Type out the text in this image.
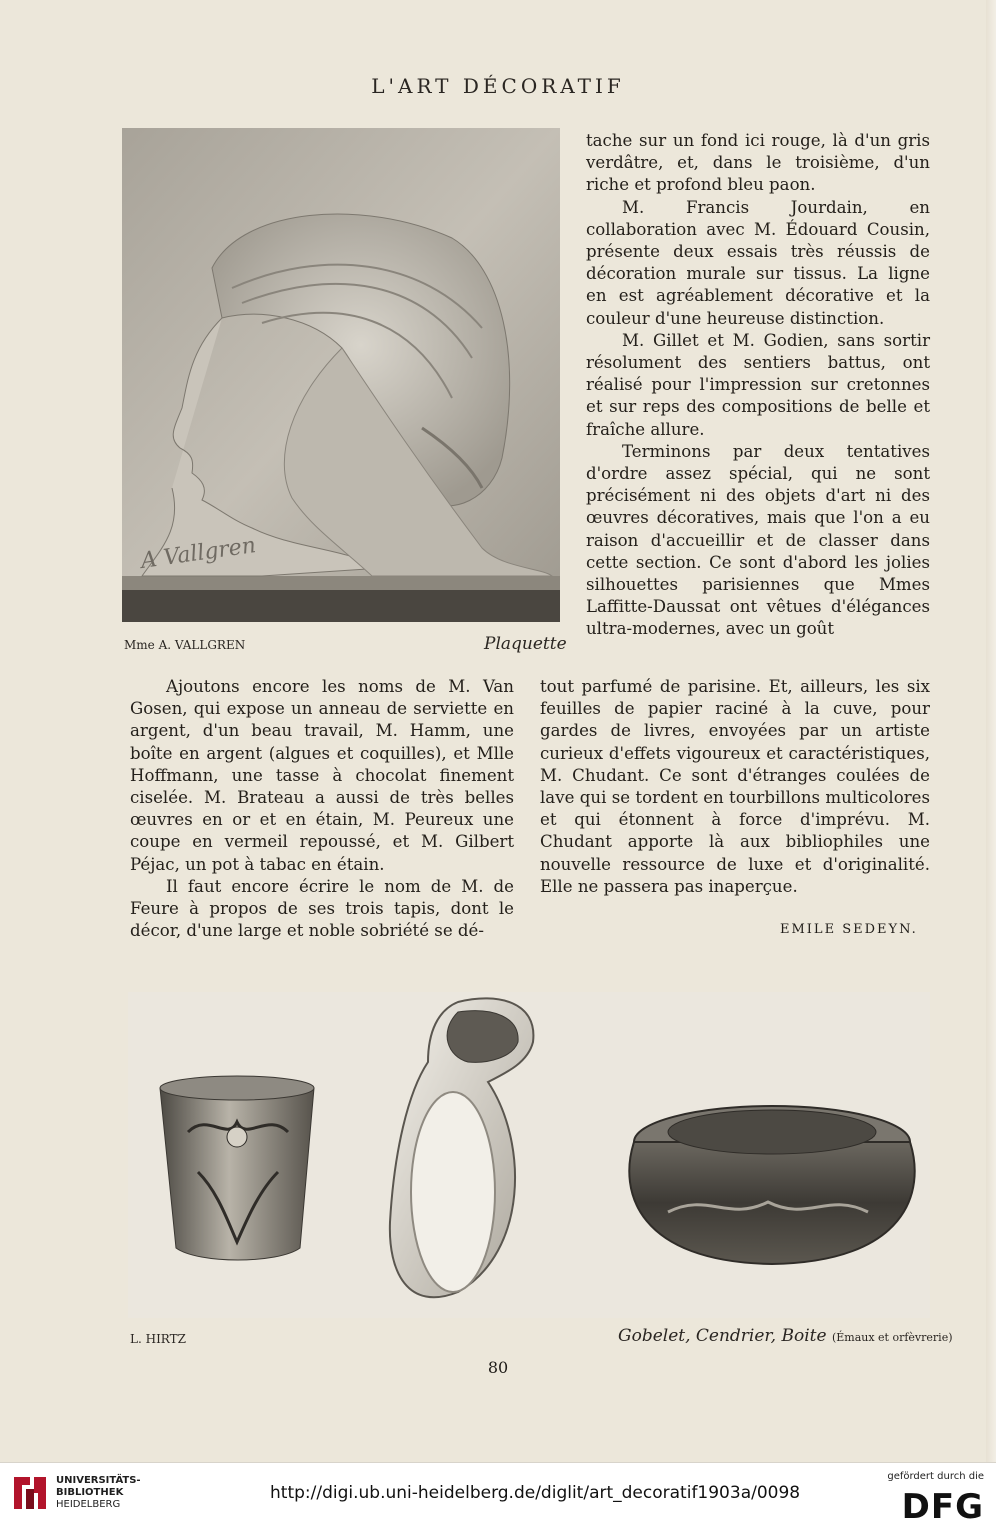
L'ART DÉCORATIF
A Vallgren
Mme A. VALLGREN	Plaquette

tache sur un fond ici rouge, là d'un gris verdâtre, et, dans le troisième, d'un riche et profond bleu paon.

M. Francis Jourdain, en collaboration avec M. Édouard Cousin, présente deux essais très réussis de décoration murale sur tissus. La ligne en est agréablement décorative et la couleur d'une heureuse distinction.

M. Gillet et M. Godien, sans sortir résolument des sentiers battus, ont réalisé pour l'impression sur cretonnes et sur reps des compositions de belle et fraîche allure.

Terminons par deux tentatives d'ordre assez spécial, qui ne sont précisément ni des objets d'art ni des œuvres décoratives, mais que l'on a eu raison d'accueillir et de classer dans cette section. Ce sont d'abord les jolies silhouettes parisiennes que Mmes Laffitte-Daussat ont vêtues d'élégances ultra-modernes, avec un goût

Ajoutons encore les noms de M. Van Gosen, qui expose un anneau de serviette en argent, d'un beau travail, M. Hamm, une boîte en argent (algues et coquilles), et Mlle Hoffmann, une tasse à chocolat finement ciselée. M. Brateau a aussi de très belles œuvres en or et en étain, M. Peureux une coupe en vermeil repoussé, et M. Gilbert Péjac, un pot à tabac en étain.

Il faut encore écrire le nom de M. de Feure à propos de ses trois tapis, dont le décor, d'une large et noble sobriété se dé-

tout parfumé de parisine. Et, ailleurs, les six feuilles de papier raciné à la cuve, pour gardes de livres, envoyées par un artiste curieux d'effets vigoureux et caractéristiques, M. Chudant. Ce sont d'étranges coulées de lave qui se tordent en tourbillons multicolores et qui étonnent à force d'imprévu. M. Chudant apporte là aux bibliophiles une nouvelle ressource de luxe et d'originalité. Elle ne passera pas inaperçue.

EMILE SEDEYN.
L. HIRTZ	Gobelet, Cendrier, Boite (Émaux et orfèvrerie)
80
UNIVERSITÄTS-
BIBLIOTHEK
HEIDELBERG
http://digi.ub.uni-heidelberg.de/diglit/art_decoratif1903a/0098
gefördert durch die
DFG
